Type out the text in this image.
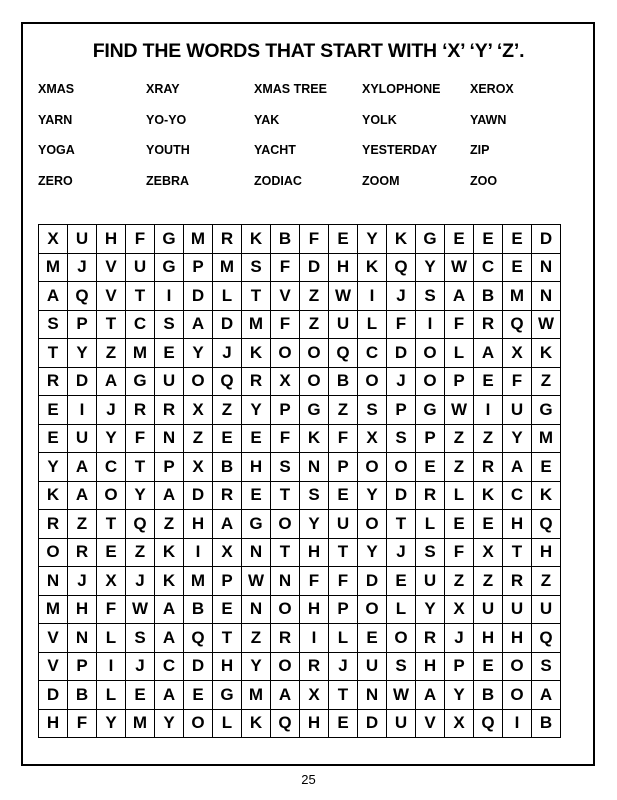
FIND THE WORDS THAT START WITH ‘X’ ‘Y’ ‘Z’.
XMAS	XRAY	XMAS TREE	XYLOPHONE	XEROX
YARN	YO-YO	YAK	YOLK	YAWN
YOGA	YOUTH	YACHT	YESTERDAY	ZIP
ZERO	ZEBRA	ZODIAC	ZOOM	ZOO
X	U	H	F	G	M	R	K	B	F	E	Y	K	G	E	E	E	D
M	J	V	U	G	P	M	S	F	D	H	K	Q	Y	W	C	E	N
A	Q	V	T	I	D	L	T	V	Z	W	I	J	S	A	B	M	N
S	P	T	C	S	A	D	M	F	Z	U	L	F	I	F	R	Q	W
T	Y	Z	M	E	Y	J	K	O	O	Q	C	D	O	L	A	X	K
R	D	A	G	U	O	Q	R	X	O	B	O	J	O	P	E	F	Z
E	I	J	R	R	X	Z	Y	P	G	Z	S	P	G	W	I	U	G
E	U	Y	F	N	Z	E	E	F	K	F	X	S	P	Z	Z	Y	M
Y	A	C	T	P	X	B	H	S	N	P	O	O	E	Z	R	A	E
K	A	O	Y	A	D	R	E	T	S	E	Y	D	R	L	K	C	K
R	Z	T	Q	Z	H	A	G	O	Y	U	O	T	L	E	E	H	Q
O	R	E	Z	K	I	X	N	T	H	T	Y	J	S	F	X	T	H
N	J	X	J	K	M	P	W	N	F	F	D	E	U	Z	Z	R	Z
M	H	F	W	A	B	E	N	O	H	P	O	L	Y	X	U	U	U
V	N	L	S	A	Q	T	Z	R	I	L	E	O	R	J	H	H	Q
V	P	I	J	C	D	H	Y	O	R	J	U	S	H	P	E	O	S
D	B	L	E	A	E	G	M	A	X	T	N	W	A	Y	B	O	A
H	F	Y	M	Y	O	L	K	Q	H	E	D	U	V	X	Q	I	B
25
